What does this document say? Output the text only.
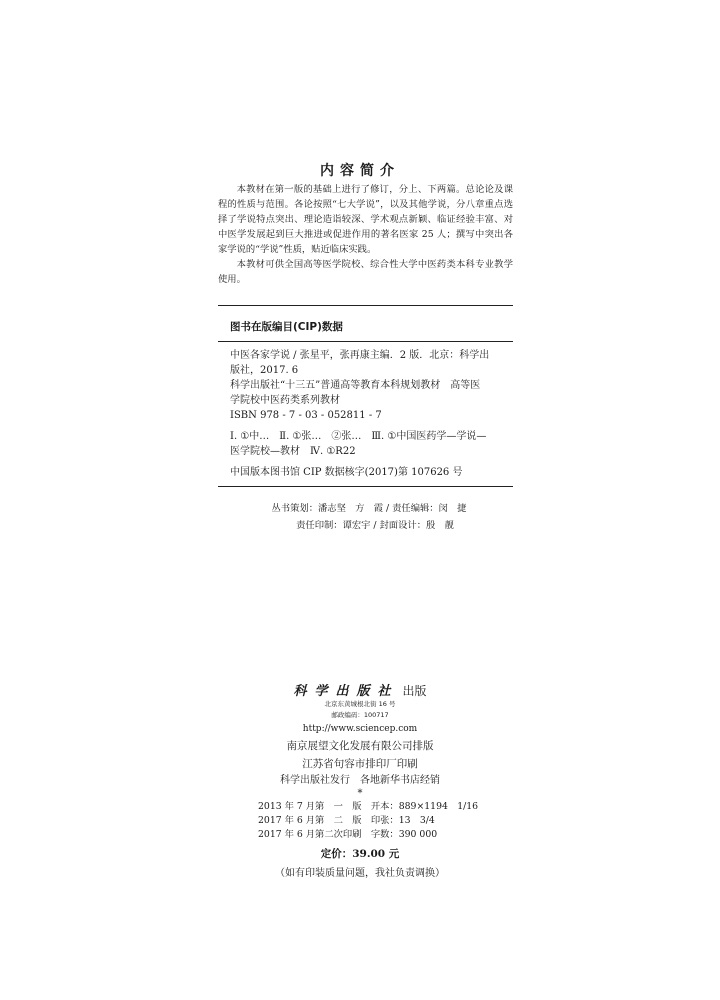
内容简介

本教材在第一版的基础上进行了修订，分上、下两篇。总论论及课程的性质与范围。各论按照“七大学说”，以及其他学说，分八章重点选择了学说特点突出、理论造诣较深、学术观点新颖、临证经验丰富、对中医学发展起到巨大推进或促进作用的著名医家 25 人；撰写中突出各家学说的“学说”性质，贴近临床实践。

本教材可供全国高等医学院校、综合性大学中医药类本科专业教学使用。

图书在版编目(CIP)数据
中医各家学说 / 张星平，张再康主编．2 版．北京：科学出
版社，2017. 6
科学出版社“十三五”普通高等教育本科规划教材　高等医
学院校中医药类系列教材
ISBN 978 - 7 - 03 - 052811 - 7
Ⅰ. ①中…　Ⅱ. ①张…　②张…　Ⅲ. ①中国医药学—学说—
医学院校—教材　Ⅳ. ①R22
中国版本图书馆 CIP 数据核字(2017)第 107626 号
丛书策划：潘志坚　方　霞 / 责任编辑：闵　捷
责任印制：谭宏宇 / 封面设计：殷　靓
科学出版社 出版
北京东黄城根北街 16 号
邮政编码：100717
http://www.sciencep.com
南京展望文化发展有限公司排版
江苏省句容市排印厂印刷
科学出版社发行　各地新华书店经销
*
2013 年 7 月第　一　版　开本：889×1194　1/16
2017 年 6 月第　二　版　印张：13　3/4
2017 年 6 月第二次印刷　字数：390 000
定价：39.00 元
（如有印装质量问题，我社负责调换）
